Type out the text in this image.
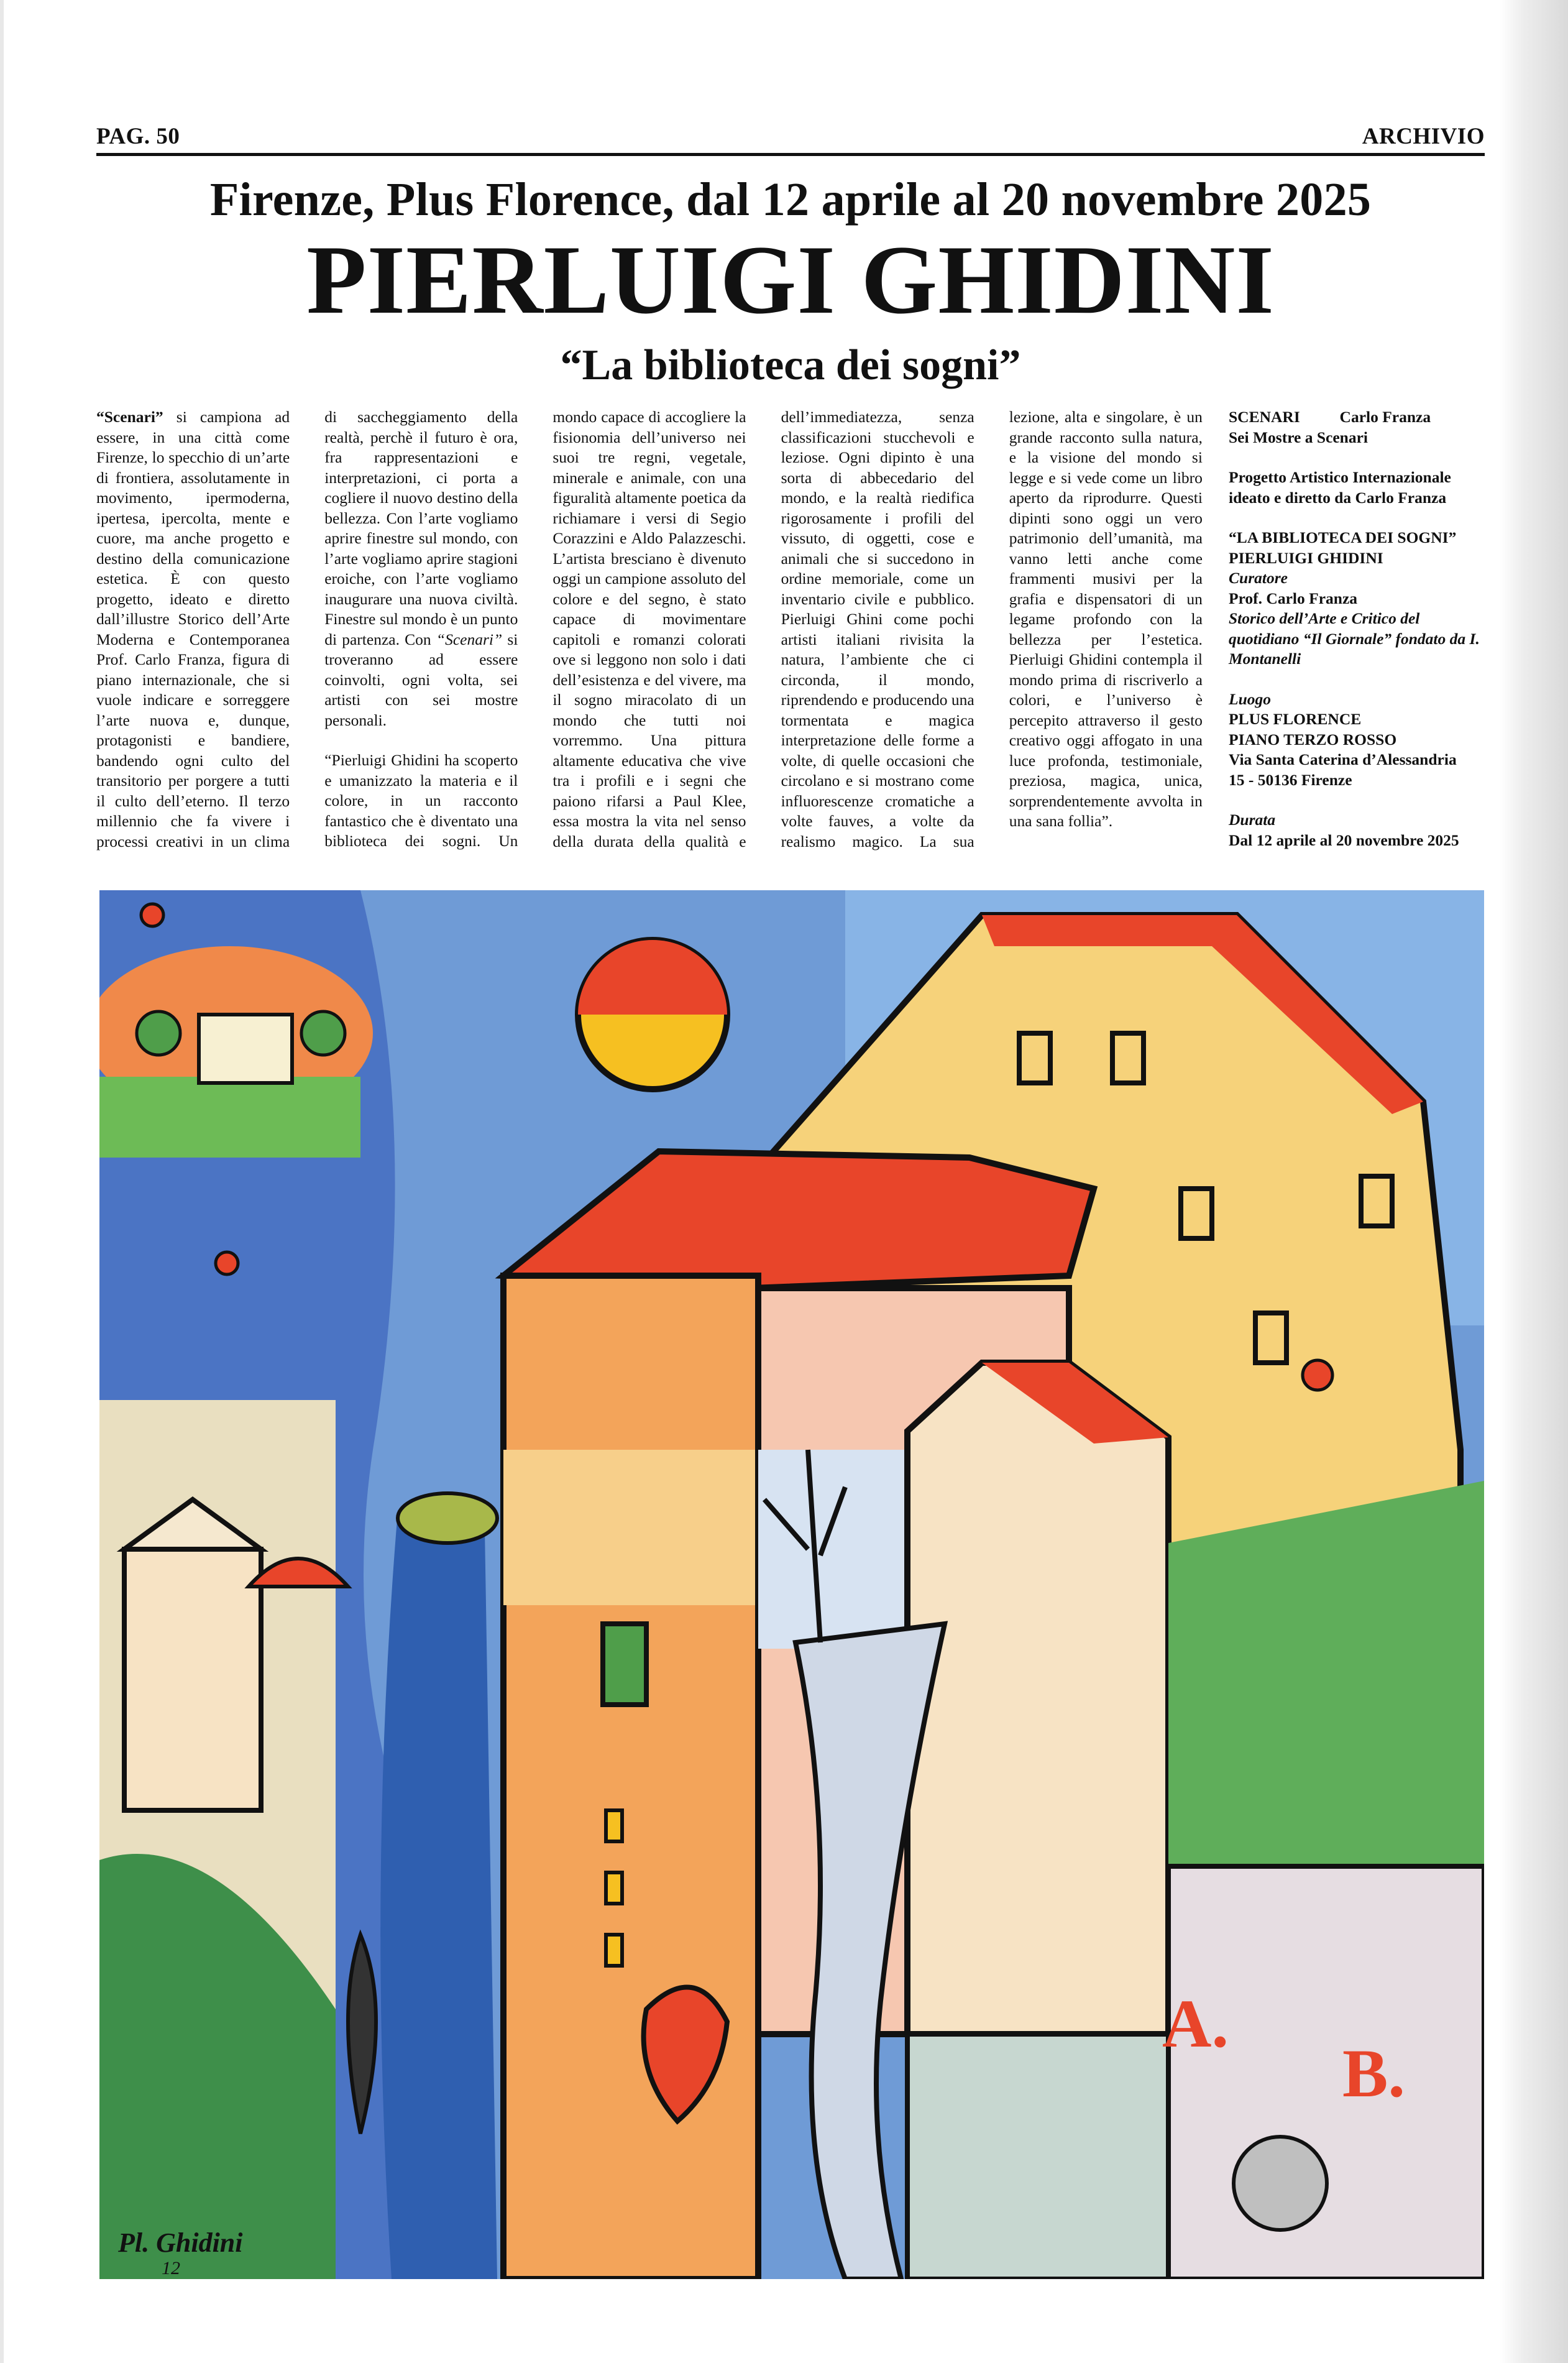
PAG. 50	ARCHIVIO
Firenze, Plus Florence, dal 12 aprile al 20 novembre 2025
PIERLUIGI GHIDINI
“La biblioteca dei sogni”

“Scenari” si campiona ad essere, in una città come Firenze, lo specchio di un’arte di frontiera, assolutamente in movimento, ipermoderna, ipertesa, ipercolta, mente e cuore, ma anche progetto e destino della comunicazione estetica. È con questo progetto, ideato e diretto dall’illustre Storico dell’Arte Moderna e Contemporanea Prof. Carlo Franza, figura di piano internazionale, che si vuole indicare e sorreggere l’arte nuova e, dunque, protagonisti e bandiere, bandendo ogni culto del transitorio per porgere a tutti il culto dell’eterno. Il terzo millennio che fa vivere i processi creativi in un clima di saccheggiamento della realtà, perchè il futuro è ora, fra rappresentazioni e interpretazioni, ci porta a cogliere il nuovo destino della bellezza. Con l’arte vogliamo aprire finestre sul mondo, con l’arte vogliamo aprire stagioni eroiche, con l’arte vogliamo inaugurare una nuova civiltà. Finestre sul mondo è un punto di partenza. Con “Scenari” si troveranno ad essere coinvolti, ogni volta, sei artisti con sei mostre personali.

“Pierluigi Ghidini ha scoperto e umanizzato la materia e il colore, in un racconto fantastico che è diventato una biblioteca dei sogni. Un mondo capace di accogliere la fisionomia dell’universo nei suoi tre regni, vegetale, minerale e animale, con una figuralità altamente poetica da richiamare i versi di Segio Corazzini e Aldo Palazzeschi. L’artista bresciano è divenuto oggi un campione assoluto del colore e del segno, è stato capace di movimentare capitoli e romanzi colorati ove si leggono non solo i dati dell’esistenza e del vivere, ma il sogno miracolato di un mondo che tutti noi vorremmo. Una pittura altamente educativa che vive tra i profili e i segni che paiono rifarsi a Paul Klee, essa mostra la vita nel senso della durata della qualità e dell’immediatezza, senza classificazioni stucchevoli e leziose. Ogni dipinto è una sorta di abbecedario del mondo, e la realtà riedifica rigorosamente i profili del vissuto, di oggetti, cose e animali che si succedono in ordine memoriale, come un inventario civile e pubblico. Pierluigi Ghini come pochi artisti italiani rivisita la natura, l’ambiente che ci circonda, il mondo, riprendendo e producendo una tormentata e magica interpretazione delle forme a volte, di quelle occasioni che circolano e si mostrano come influorescenze cromatiche a volte fauves, a volte da realismo magico. La sua lezione, alta e singolare, è un grande racconto sulla natura, e la visione del mondo si legge e si vede come un libro aperto da riprodurre. Questi dipinti sono oggi un vero patrimonio dell’umanità, ma vanno letti anche come frammenti musivi per la grafia e dispensatori di un legame profondo con la bellezza per l’estetica. Pierluigi Ghidini contempla il mondo prima di riscriverlo a colori, e l’universo è percepito attraverso il gesto creativo oggi affogato in una luce profonda, testimoniale, preziosa, magica, unica, sorprendentemente avvolta in una sana follia”.

Carlo Franza
SCENARI
Sei Mostre a Scenari
Progetto Artistico Internazionale
ideato e diretto da Carlo Franza
“LA BIBLIOTECA DEI SOGNI”
PIERLUIGI GHIDINI
Curatore
Prof. Carlo Franza
Storico dell’Arte e Critico del quotidiano “Il Giornale” fondato da I. Montanelli
Luogo
PLUS FLORENCE
PIANO TERZO ROSSO
Via Santa Caterina d’Alessandria
15 - 50136 Firenze
Durata
Dal 12 aprile al 20 novembre 2025
A.
B.
Pl. Ghidini
12
